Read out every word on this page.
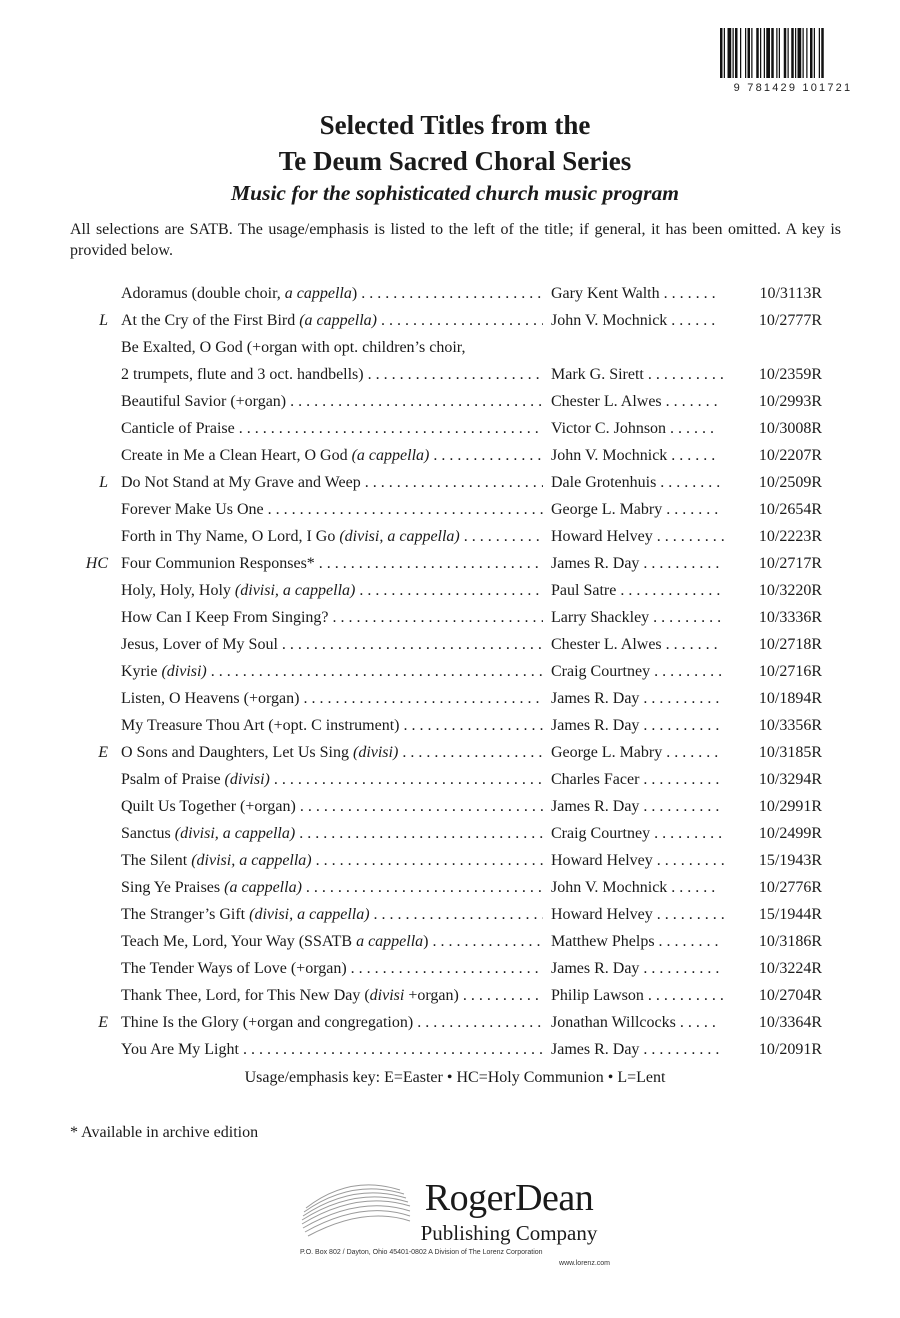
9 781429 101721
Selected Titles from the
Te Deum Sacred Choral Series
Music for the sophisticated church music program
All selections are SATB. The usage/emphasis is listed to the left of the title; if general, it has been omitted. A key is provided below.
Adoramus (double choir, a cappella) . . .	Gary Kent Walth . . . . . . .	10/3113R
L At the Cry of the First Bird (a cappella) . . .	John V. Mochnick . . . . . .	10/2777R
Be Exalted, O God (+organ with opt. children’s choir,
2 trumpets, flute and 3 oct. handbells) . . .	Mark G. Sirett . . . . . . . . . .	10/2359R
Beautiful Savior (+organ) . . .	Chester L. Alwes . . . . . . .	10/2993R
Canticle of Praise . . .	Victor C. Johnson . . . . . .	10/3008R
Create in Me a Clean Heart, O God (a cappella) . . .	John V. Mochnick . . . . . .	10/2207R
L Do Not Stand at My Grave and Weep . . .	Dale Grotenhuis . . . . . . . .	10/2509R
Forever Make Us One . . .	George L. Mabry . . . . . . .	10/2654R
Forth in Thy Name, O Lord, I Go (divisi, a cappella) . . .	Howard Helvey . . . . . . . . .	10/2223R
HC Four Communion Responses* . . .	James R. Day . . . . . . . . . .	10/2717R
Holy, Holy, Holy (divisi, a cappella) . . .	Paul Satre . . . . . . . . . . . . .	10/3220R
How Can I Keep From Singing? . . .	Larry Shackley . . . . . . . . .	10/3336R
Jesus, Lover of My Soul . . .	Chester L. Alwes . . . . . . .	10/2718R
Kyrie (divisi) . . .	Craig Courtney . . . . . . . . .	10/2716R
Listen, O Heavens (+organ) . . .	James R. Day . . . . . . . . . .	10/1894R
My Treasure Thou Art (+opt. C instrument) . . .	James R. Day . . . . . . . . . .	10/3356R
E O Sons and Daughters, Let Us Sing (divisi) . . .	George L. Mabry . . . . . . .	10/3185R
Psalm of Praise (divisi) . . .	Charles Facer . . . . . . . . . .	10/3294R
Quilt Us Together (+organ) . . .	James R. Day . . . . . . . . . .	10/2991R
Sanctus (divisi, a cappella) . . .	Craig Courtney . . . . . . . . .	10/2499R
The Silent (divisi, a cappella) . . .	Howard Helvey . . . . . . . . .	15/1943R
Sing Ye Praises (a cappella) . . .	John V. Mochnick . . . . . .	10/2776R
The Stranger’s Gift (divisi, a cappella) . . .	Howard Helvey . . . . . . . . .	15/1944R
Teach Me, Lord, Your Way (SSATB a cappella) . . .	Matthew Phelps . . . . . . . .	10/3186R
The Tender Ways of Love (+organ) . . .	James R. Day . . . . . . . . . .	10/3224R
Thank Thee, Lord, for This New Day (divisi +organ) . . .	Philip Lawson . . . . . . . . . .	10/2704R
E Thine Is the Glory (+organ and congregation) . . .	Jonathan Willcocks . . . . .	10/3364R
You Are My Light . . .	James R. Day . . . . . . . . . .	10/2091R
Usage/emphasis key: E=Easter • HC=Holy Communion • L=Lent
* Available in archive edition
RogerDean
Publishing Company
P.O. Box 802 / Dayton, Ohio 45401-0802 A Division of The Lorenz Corporation
www.lorenz.com
